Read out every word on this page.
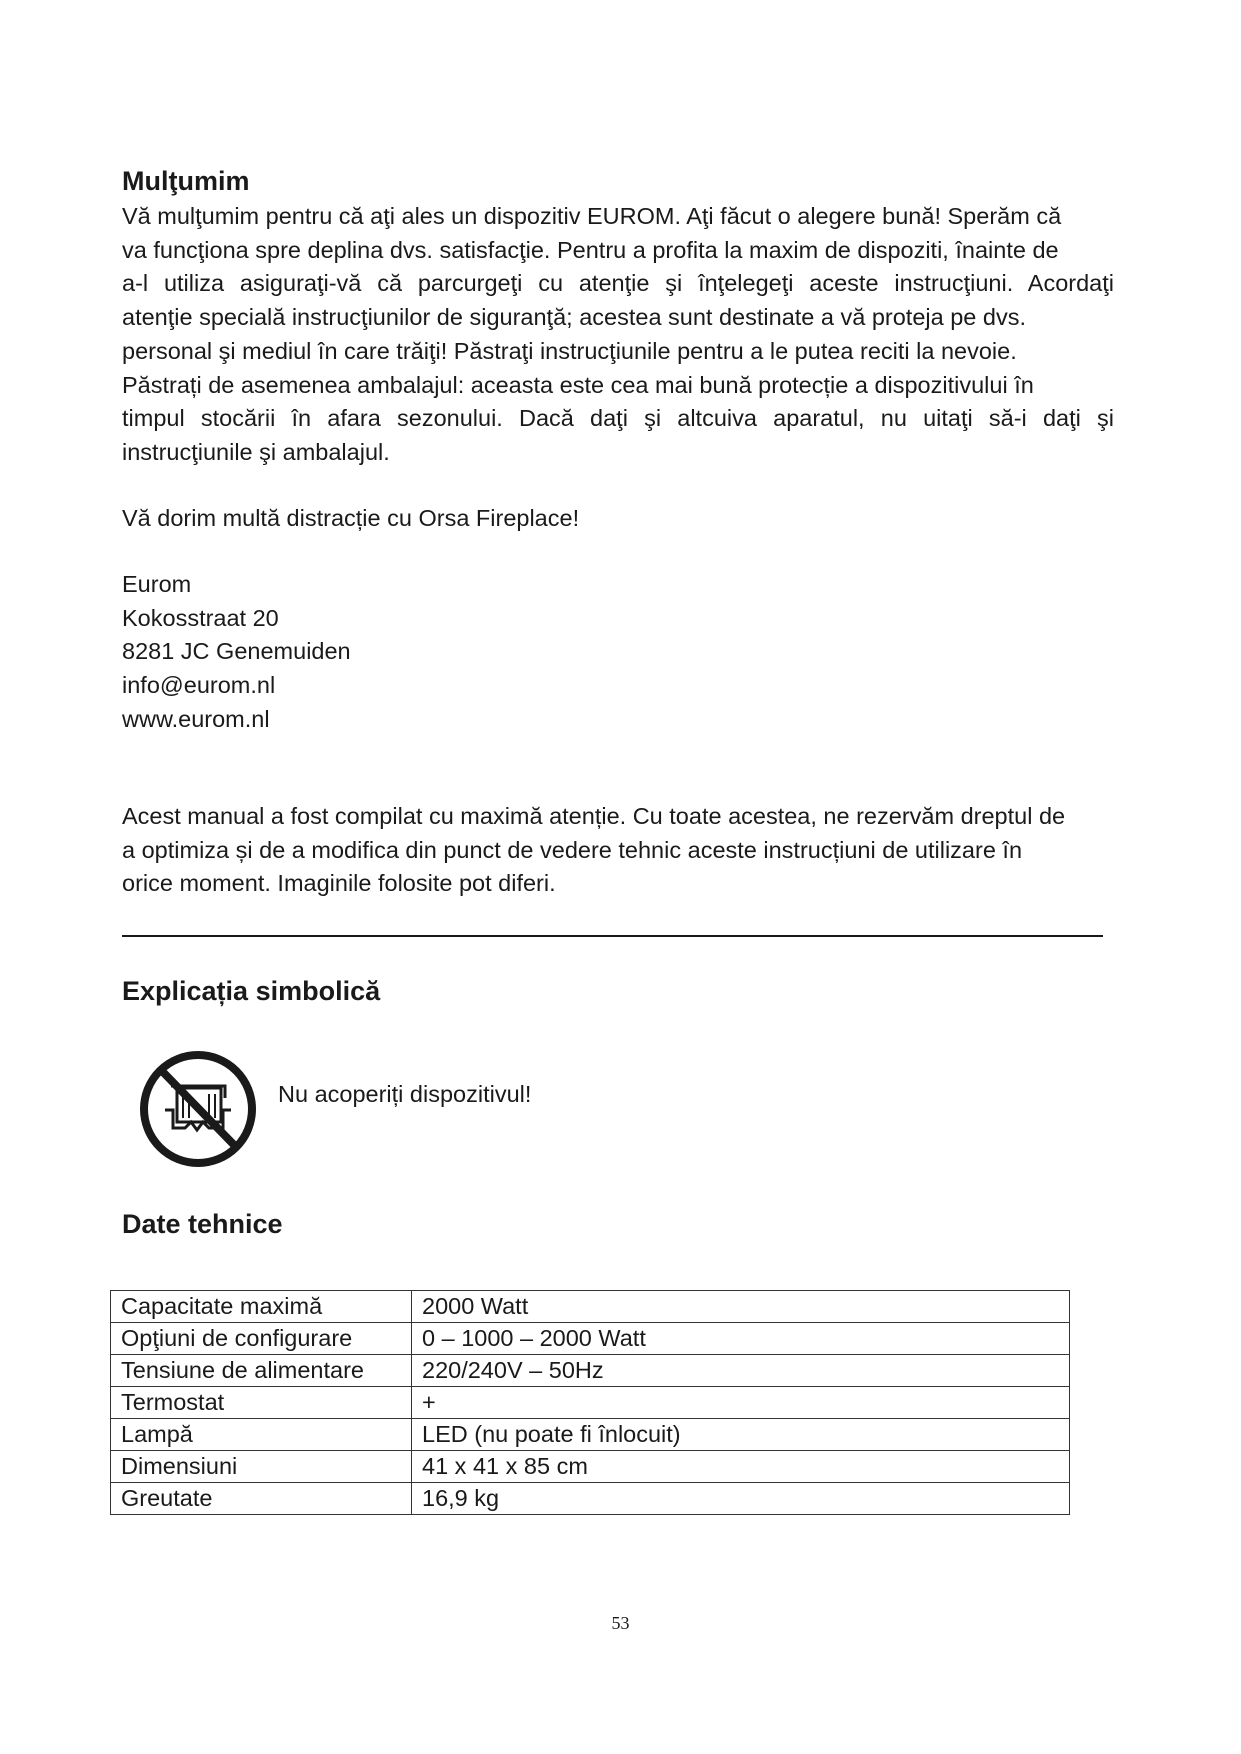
Mulţumim
Vă mulţumim pentru că aţi ales un dispozitiv EUROM. Aţi făcut o alegere bună! Sperăm că
va funcţiona spre deplina dvs. satisfacţie. Pentru a profita la maxim de dispoziti, înainte de
a-l utiliza asiguraţi-vă că parcurgeţi cu atenţie şi înţelegeţi aceste instrucţiuni. Acordaţi
atenţie specială instrucţiunilor de siguranţă; acestea sunt destinate a vă proteja pe dvs.
personal şi mediul în care trăiţi! Păstraţi instrucţiunile pentru a le putea reciti la nevoie.
Păstrați de asemenea ambalajul: aceasta este cea mai bună protecție a dispozitivului în
timpul stocării în afara sezonului. Dacă daţi şi altcuiva aparatul, nu uitaţi să-i daţi şi
instrucţiunile şi ambalajul.
Vă dorim multă distracție cu Orsa Fireplace!
Eurom
Kokosstraat 20
8281 JC Genemuiden
info@eurom.nl
www.eurom.nl
Acest manual a fost compilat cu maximă atenție. Cu toate acestea, ne rezervăm dreptul de
a optimiza și de a modifica din punct de vedere tehnic aceste instrucțiuni de utilizare în
orice moment. Imaginile folosite pot diferi.
Explicația simbolică
Nu acoperiți dispozitivul!
Date tehnice
Capacitate maximă	2000 Watt
Opţiuni de configurare	0 – 1000 – 2000 Watt
Tensiune de alimentare	220/240V – 50Hz
Termostat	+
Lampă	LED (nu poate fi înlocuit)
Dimensiuni	41 x 41 x 85 cm
Greutate	16,9 kg
53
